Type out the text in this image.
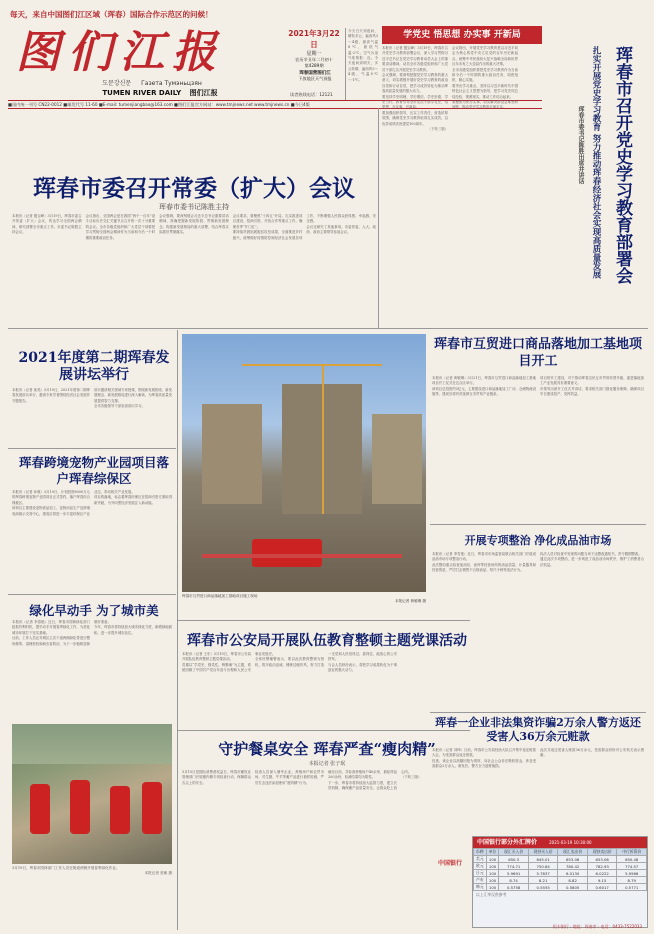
每天，来自中国图们江区域（珲春）国际合作示范区的问候！
图们江报
도문강신문 Газета Тумэньцзян
TUMEN RIVER DAILY 图们江报
2021年3月22日
星期一
农历辛丑年二月初十
第4289期
珲春国营图们江
下放地区天气预报
今天白天到夜间，晴转多云，偏西风3～4级，最高气温8℃，最低气温-2℃。空气污染气象预报：良。今天夜间到明天，多云转晴，偏西风3～4级，气温8℃～-1℃。
读者热线电话：12121
学党史 悟思想 办实事 开新局
■国内统一刊号 CN22-0012 ■邮发代号 11-60 ■E-mail: tumenjiangbao@163.com ■图们江报官方网站：www.tmjnews.net www.tmjnews.cn ■今日4版
本报讯（记者 殷宝峰）3月19日，珲春市召开党史学习教育部署会议，深入学习贯彻习近平总书记在党史学习教育动员大会上的重要讲话精神，动员全市各级党组织和广大党员干部扎实开展党史学习教育。
会议强调，要深刻把握党史学习教育的重大意义，切实增强开展好党史学习教育的政治自觉和行动自觉，把学习成效转化为推动珲春高质量发展的强大动力。
要坚持学史明理、学史增信、学史崇德、学史力行，教育引导全市党员干部学党史、悟思想、办实事、开新局。
要加强组织领导，压实工作责任，营造浓厚氛围，确保党史学习教育取得扎实成效，以优异成绩庆祝建党100周年。
（下转三版）
会议指出，开展党史学习教育是以习近平同志为核心的党中央立足党的百年历史新起点、统筹中华民族伟大复兴战略全局和世界百年未有之大变局作出的重大决策。
全市各级党组织要把党史学习教育作为当前和今后一个时期的重大政治任务，周密组织，精心实施。
要突出学习重点，坚持以习近平新时代中国特色社会主义思想为指导，把学习党史同总结经验、观照现实、推动工作结合起来。
要聚焦为民办实事，切实解决群众急难愁盼问题，推动党史学习教育走深走实。	扎实开展党史学习教育 努力推动珲春经济社会实现高质量发展 珲春市召开党史学习教育部署会
珲春市委书记陈胜出席并讲话
珲春市委召开常委（扩大）会议
珲春市委书记陈胜主持
本报讯（记者 殷宝峰）3月19日，珲春市委召开常委（扩大）会议，传达学习全国两会精神，研究部署全市重点工作。市委书记陈胜主持会议。
会议指出，全国两会是在我国“两个一百年”奋斗目标历史交汇关键节点召开的一次十分重要的会议。全市各级党组织和广大党员干部要把学习贯彻全国两会精神作为当前和今后一个时期的重要政治任务。
会议强调，要深刻领会习近平总书记重要讲话精神，准确把握新发展阶段、贯彻新发展理念、构建新发展格局的重大部署，结合珲春实际抓好贯彻落实。
会议要求，要聚焦“十四五”开局，扎实推进项目建设、招商引资、开放合作等重点工作，确保首季“开门红”。
要持续巩固拓展脱贫攻坚成果，全面推进乡村振兴，统筹做好疫情防控和经济社会发展各项工作，不断增强人民群众获得感、幸福感、安全感。
会议还研究了其他事项。市委常委、人大、政府、政协主要领导参加会议。
2021年度第二期珲春发展讲坛举行
本报讯（记者 姜美）3月19日，2021年度第二期珲春发展讲坛举行，邀请专家学者围绕经济社会发展作专题报告。
讲坛邀请相关领域专家授课，围绕新发展阶段、新发展理念、新发展格局进行深入解读，为珲春高质量发展提供智力支撑。
全市各级领导干部参加讲坛学习。
珲春跨境宠物产业园项目落户珲春综保区
本报讯（记者 孙敬）3月19日，计划投资6000万元的珲春跨境宠物产业园项目正式签约，落户珲春综合保税区。
该项目主要建设宠物食品加工、宠物用品生产及跨境电商展示交易中心，建成后将进一步丰富综保区产业业态，带动相关产业发展。
项目的落地，标志着珲春综保区在招商引资方面取得新突破，为外向型经济发展注入新动能。
绿化早动手 为了城市美
本报讯（记者 李春艳）近日，珲春市园林绿化部门抢抓有利时机，提早动手开展春季绿化工作，为美化城市环境打下坚实基础。
目前，工作人员正对城区主次干道两侧绿化带进行整形修剪、清理枯枝和病虫害防治，为下一步植树造林做好准备。
今年，珲春市将持续加大城市绿化力度，新增绿地面积，进一步提升城市品位。
3月19日，珲春市园林部门工作人员在街道两侧开展春季绿化作业。
本报记者 张朝 摄
珲春市互贸进口商品落地加工基地项目施工现场
本报记者 黄敏琳 摄
珲春市公安局开展队伍教育整顿主题党课活动
本报讯（记者 王东）3月19日，珲春市公安局开展队伍教育整顿主题党课活动。
党课以“学党史、强党性、铸警魂”为主题，系统回顾了中国共产党百年奋斗历程和人民公安事业发展史。
全体民警辅警表示，要以此次教育整顿为契机，筑牢政治忠诚，锤炼过硬作风，努力打造一支党和人民信得过、靠得住、能放心的公安铁军。
与会人员纷纷表示，将把学习成果转化为干事创业的强大动力。
守护餐桌安全 珲春严查“瘦肉精”
本报记者 张子珉
3月15日是国际消费者权益日，珲春市畜牧业管理部门开展瘦肉精专项检查行动，保障群众舌尖上的安全。
检查人员深入屠宰企业、养殖场户和农贸市场，对生猪、牛羊等畜产品进行抽样检测，严厉打击违法添加使用“瘦肉精”行为。
截至目前，共检查养殖场户40余家，抽检样品200余份，检测结果均为阴性。
下一步，珲春市将持续加大监管力度，建立长效机制，确保畜产品质量安全，让群众吃上放心肉。
（下转三版）
珲春市互贸进口商品落地加工基地项目开工
本报讯（记者 黄敏琳）3月21日，珲春市互贸进口商品落地加工基地项目开工仪式在边合区举行。
该项目总投资约3亿元，主要建设进口商品落地加工厂房、仓储物流设施等，建成后将有效延伸互市贸易产业链条。
项目的开工建设，对于推动珲春边民互市贸易转型升级、促进落地加工产业发展具有重要意义。
市领导出席开工仪式并讲话，要求相关部门强化服务保障，确保项目早日建成投产、发挥效益。
开展专项整治 净化成品油市场
本报讯（记者 李雪莲）近日，珲春市市场监管局联合相关部门开展成品油市场专项整治行动。
此次整治重点检查加油站、油库等经营场所的油品质量、计量器具和经营资质，严厉打击销售不合格油品、短斤少两等违法行为。
执法人员对检查中发现的问题当场下达整改通知书，责令限期整改。
通过此次专项整治，进一步规范了成品油市场秩序，维护了消费者合法权益。
珲春一企业非法集资诈骗2万余人警方返还受害人36万余元赃款
本报讯（记者 刘坤）日前，珲春市公安局经侦大队召开集中返还赃款大会，为受害群众返还赃款。
经查，该企业以高额回报为诱饵，向社会公众非法吸收资金，涉及受害群众2万余人。案发后，警方全力追赃挽损。
此次共返还受害人赃款36万余元，受害群众纷纷对公安机关表示感谢。
中国银行部分外汇牌价	2021-03-19 10:30:00
币种	单位	现汇买入价	现钞买入价	现汇卖出价	现钞卖出价	中行折算价
美元	100	650.3	645.01	653.06	653.06	650.48
欧元	100	774.71	750.64	780.42	782.93	774.57
日元	100	5.9691	5.7837	6.0130	6.0222	5.9566
卢布	100	8.74	8.21	8.82	9.15	8.79
韩元	100	0.5758	0.5555	0.5805	0.6017	0.5771
以上汇率仅供参考
中国银行
恒丰银行 · 地址：珲春市 · 电话：0433-7522033
